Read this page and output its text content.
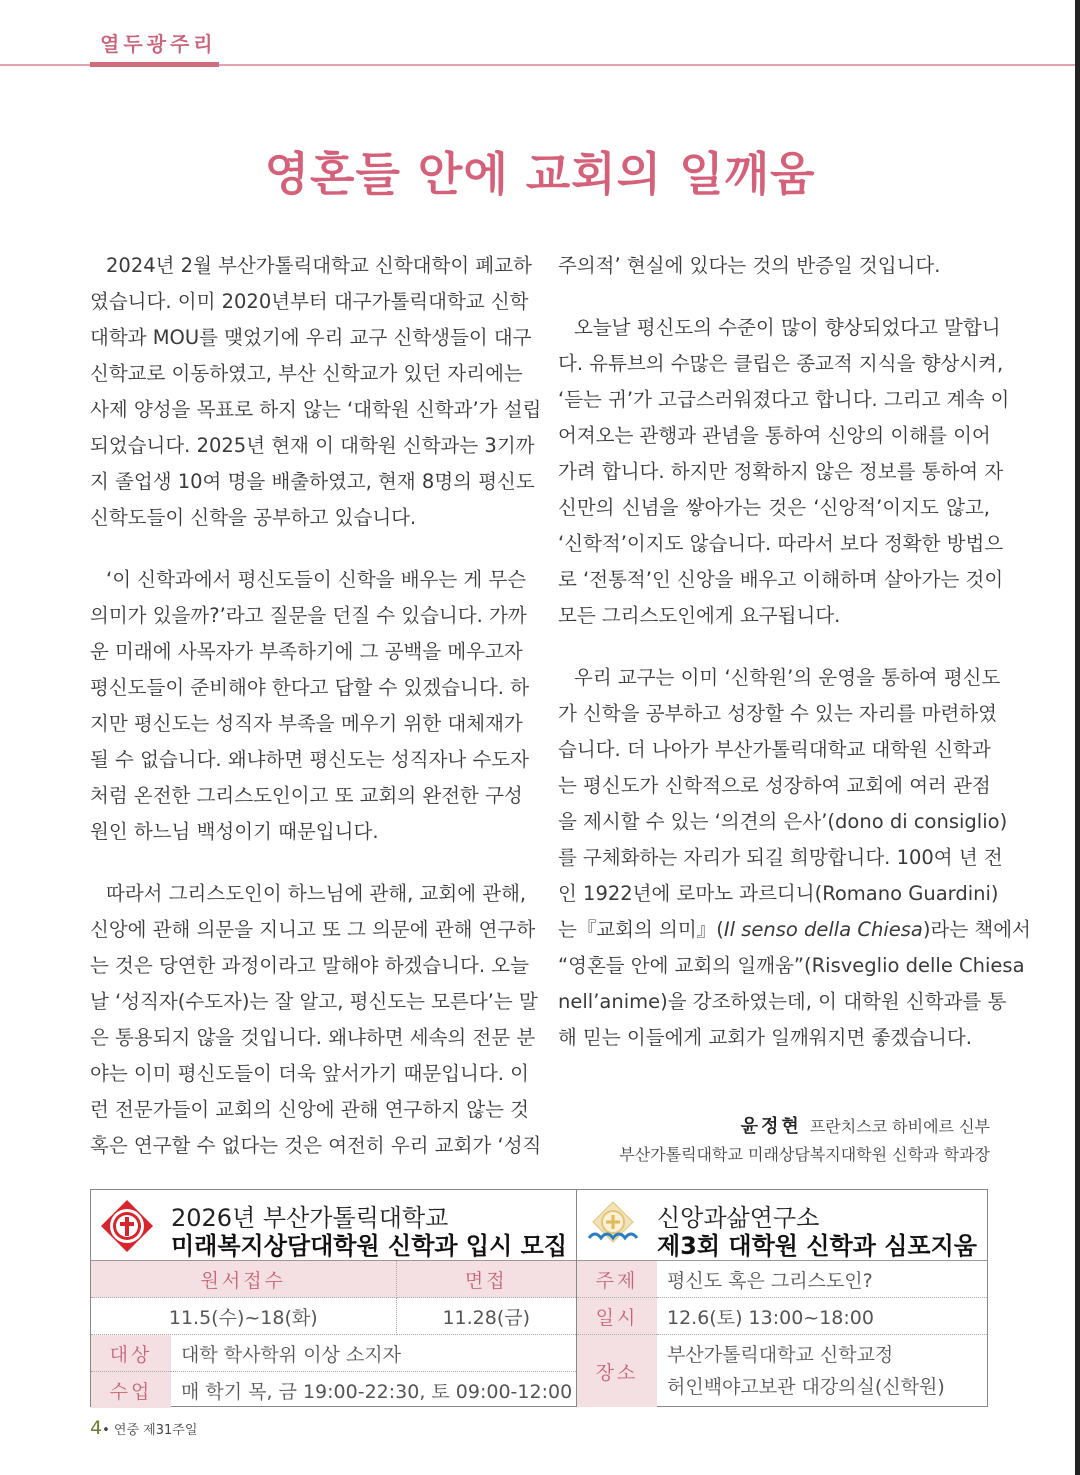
열두광주리
영혼들 안에 교회의 일깨움
2024년 2월 부산가톨릭대학교 신학대학이 폐교하
였습니다. 이미 2020년부터 대구가톨릭대학교 신학
대학과 MOU를 맺었기에 우리 교구 신학생들이 대구
신학교로 이동하였고, 부산 신학교가 있던 자리에는
사제 양성을 목표로 하지 않는 ‘대학원 신학과’가 설립
되었습니다. 2025년 현재 이 대학원 신학과는 3기까
지 졸업생 10여 명을 배출하였고, 현재 8명의 평신도
신학도들이 신학을 공부하고 있습니다.
‘이 신학과에서 평신도들이 신학을 배우는 게 무슨
의미가 있을까?’라고 질문을 던질 수 있습니다. 가까
운 미래에 사목자가 부족하기에 그 공백을 메우고자
평신도들이 준비해야 한다고 답할 수 있겠습니다. 하
지만 평신도는 성직자 부족을 메우기 위한 대체재가
될 수 없습니다. 왜냐하면 평신도는 성직자나 수도자
처럼 온전한 그리스도인이고 또 교회의 완전한 구성
원인 하느님 백성이기 때문입니다.
따라서 그리스도인이 하느님에 관해, 교회에 관해,
신앙에 관해 의문을 지니고 또 그 의문에 관해 연구하
는 것은 당연한 과정이라고 말해야 하겠습니다. 오늘
날 ‘성직자(수도자)는 잘 알고, 평신도는 모른다’는 말
은 통용되지 않을 것입니다. 왜냐하면 세속의 전문 분
야는 이미 평신도들이 더욱 앞서가기 때문입니다. 이
런 전문가들이 교회의 신앙에 관해 연구하지 않는 것
혹은 연구할 수 없다는 것은 여전히 우리 교회가 ‘성직
주의적’ 현실에 있다는 것의 반증일 것입니다.
오늘날 평신도의 수준이 많이 향상되었다고 말합니
다. 유튜브의 수많은 클립은 종교적 지식을 향상시켜,
‘듣는 귀’가 고급스러워졌다고 합니다. 그리고 계속 이
어져오는 관행과 관념을 통하여 신앙의 이해를 이어
가려 합니다. 하지만 정확하지 않은 정보를 통하여 자
신만의 신념을 쌓아가는 것은 ‘신앙적’이지도 않고,
‘신학적’이지도 않습니다. 따라서 보다 정확한 방법으
로 ‘전통적’인 신앙을 배우고 이해하며 살아가는 것이
모든 그리스도인에게 요구됩니다.
우리 교구는 이미 ‘신학원’의 운영을 통하여 평신도
가 신학을 공부하고 성장할 수 있는 자리를 마련하였
습니다. 더 나아가 부산가톨릭대학교 대학원 신학과
는 평신도가 신학적으로 성장하여 교회에 여러 관점
을 제시할 수 있는 ‘의견의 은사’(dono di consiglio)
를 구체화하는 자리가 되길 희망합니다. 100여 년 전
인 1922년에 로마노 과르디니(Romano Guardini)
는『교회의 의미』(Il senso della Chiesa)라는 책에서
“영혼들 안에 교회의 일깨움”(Risveglio delle Chiesa
nell’anime)을 강조하였는데, 이 대학원 신학과를 통
해 믿는 이들에게 교회가 일깨워지면 좋겠습니다.
윤정현 프란치스코 하비에르 신부
부산가톨릭대학교 미래상담복지대학원 신학과 학과장
2026년 부산가톨릭대학교
미래복지상담대학원 신학과 입시 모집
원서접수	면접
11.5(수)~18(화)	11.28(금)
대상	대학 학사학위 이상 소지자
수업	매 학기 목, 금 19:00-22:30, 토 09:00-12:00
신앙과삶연구소
제3회 대학원 신학과 심포지움
주제	평신도 혹은 그리스도인?
일시	12.6(토) 13:00~18:00
장소	부산가톨릭대학교 신학교정
허인백야고보관 대강의실(신학원)
4• 연중 제31주일
